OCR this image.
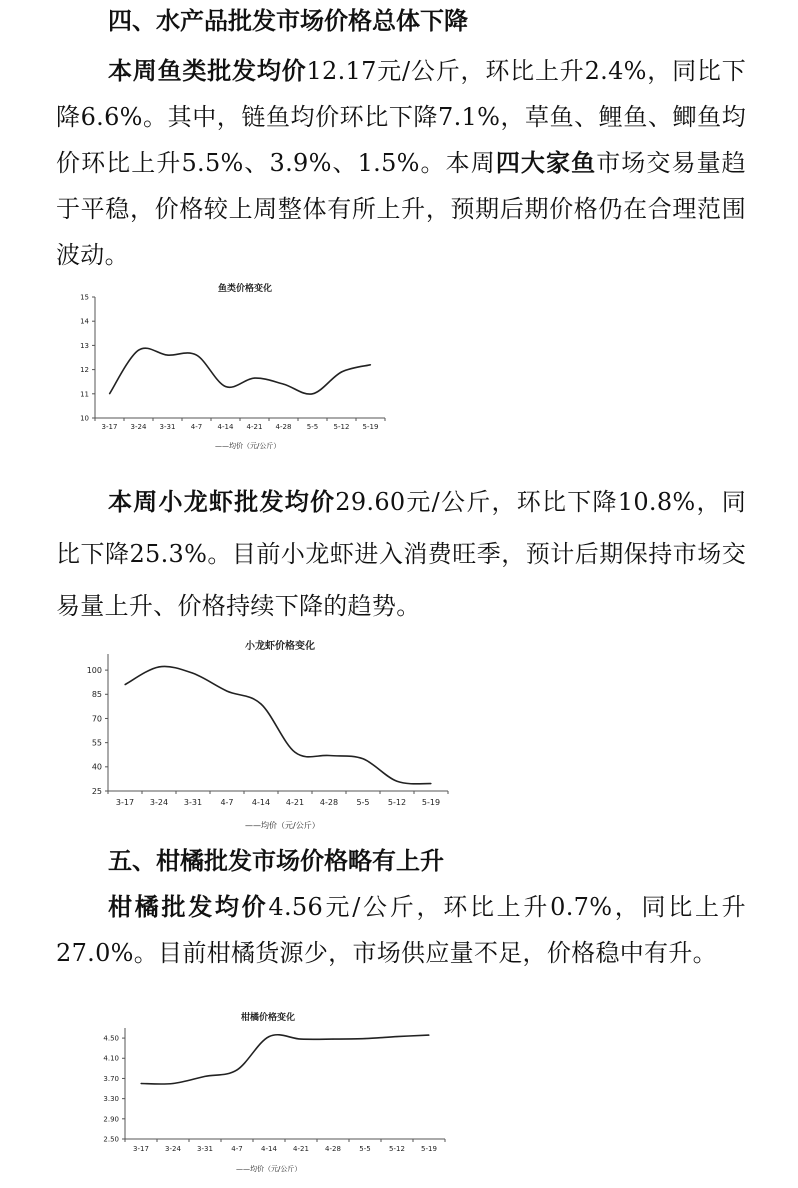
四、水产品批发市场价格总体下降

本周鱼类批发均价12.17元/公斤，环比上升2.4%，同比下降6.6%。其中，链鱼均价环比下降7.1%，草鱼、鲤鱼、鲫鱼均价环比上升5.5%、3.9%、1.5%。本周四大家鱼市场交易量趋于平稳，价格较上周整体有所上升，预期后期价格仍在合理范围波动。

鱼类价格变化
10
11
12
13
14
15
3-17 3-24 3-31 4-7 4-14 4-21 4-28 5-5 5-12 5-19
——均价（元/公斤）

本周小龙虾批发均价29.60元/公斤，环比下降10.8%，同比下降25.3%。目前小龙虾进入消费旺季，预计后期保持市场交易量上升、价格持续下降的趋势。

小龙虾价格变化
25
40
55
70
85
100
3-17 3-24 3-31 4-7 4-14 4-21 4-28 5-5 5-12 5-19
——均价（元/公斤）
五、柑橘批发市场价格略有上升

柑橘批发均价4.56元/公斤，环比上升0.7%，同比上升27.0%。目前柑橘货源少，市场供应量不足，价格稳中有升。

柑橘价格变化
2.50
2.90
3.30
3.70
4.10
4.50
3-17 3-24 3-31	4-7	4-14 4-21 4-28	5-5	5-12 5-19
——均价（元/公斤）
